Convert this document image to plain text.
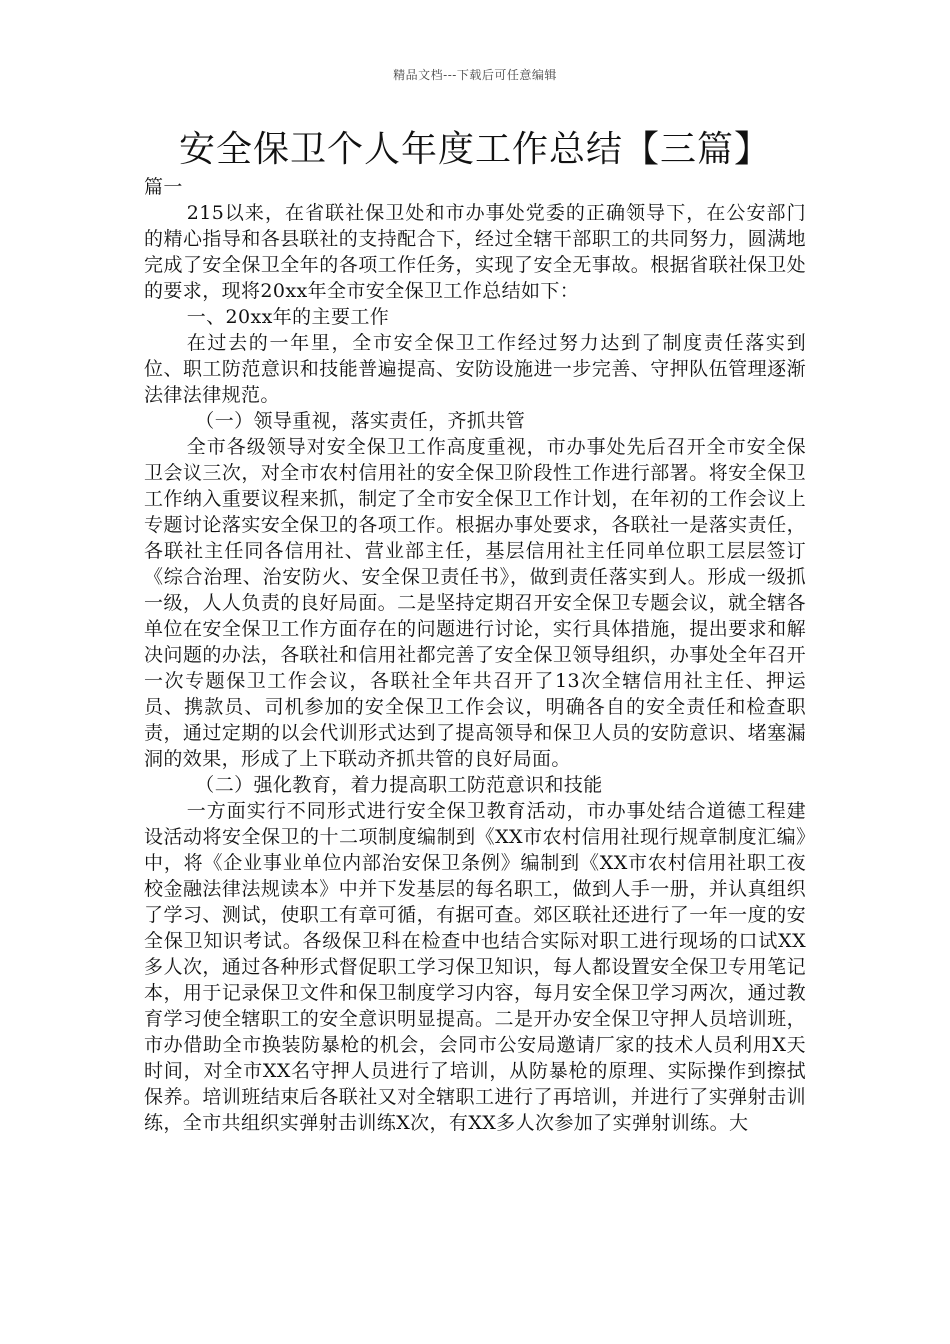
精品文档---下载后可任意编辑
安全保卫个人年度工作总结【三篇】

篇一

215以来，在省联社保卫处和市办事处党委的正确领导下，在公安部门的精心指导和各县联社的支持配合下，经过全辖干部职工的共同努力，圆满地完成了安全保卫全年的各项工作任务，实现了安全无事故。根据省联社保卫处的要求，现将20xx年全市安全保卫工作总结如下：

一、20xx年的主要工作

在过去的一年里，全市安全保卫工作经过努力达到了制度责任落实到位、职工防范意识和技能普遍提高、安防设施进一步完善、守押队伍管理逐渐法律法律规范。

（一）领导重视，落实责任，齐抓共管

全市各级领导对安全保卫工作高度重视，市办事处先后召开全市安全保卫会议三次，对全市农村信用社的安全保卫阶段性工作进行部署。将安全保卫工作纳入重要议程来抓，制定了全市安全保卫工作计划，在年初的工作会议上专题讨论落实安全保卫的各项工作。根据办事处要求，各联社一是落实责任，各联社主任同各信用社、营业部主任，基层信用社主任同单位职工层层签订《综合治理、治安防火、安全保卫责任书》，做到责任落实到人。形成一级抓一级，人人负责的良好局面。二是坚持定期召开安全保卫专题会议，就全辖各单位在安全保卫工作方面存在的问题进行讨论，实行具体措施，提出要求和解决问题的办法，各联社和信用社都完善了安全保卫领导组织，办事处全年召开一次专题保卫工作会议，各联社全年共召开了13次全辖信用社主任、押运员、携款员、司机参加的安全保卫工作会议，明确各自的安全责任和检查职责，通过定期的以会代训形式达到了提高领导和保卫人员的安防意识、堵塞漏洞的效果，形成了上下联动齐抓共管的良好局面。

（二）强化教育，着力提高职工防范意识和技能

一方面实行不同形式进行安全保卫教育活动，市办事处结合道德工程建设活动将安全保卫的十二项制度编制到《XX市农村信用社现行规章制度汇编》中，将《企业事业单位内部治安保卫条例》编制到《XX市农村信用社职工夜校金融法律法规读本》中并下发基层的每名职工，做到人手一册，并认真组织了学习、测试，使职工有章可循，有据可查。郊区联社还进行了一年一度的安全保卫知识考试。各级保卫科在检查中也结合实际对职工进行现场的口试XX多人次，通过各种形式督促职工学习保卫知识，每人都设置安全保卫专用笔记本，用于记录保卫文件和保卫制度学习内容，每月安全保卫学习两次，通过教育学习使全辖职工的安全意识明显提高。二是开办安全保卫守押人员培训班，市办借助全市换装防暴枪的机会，会同市公安局邀请厂家的技术人员利用X天时间，对全市XX名守押人员进行了培训，从防暴枪的原理、实际操作到擦拭保养。培训班结束后各联社又对全辖职工进行了再培训，并进行了实弹射击训练，全市共组织实弹射击训练X次，有XX多人次参加了实弹射训练。大
